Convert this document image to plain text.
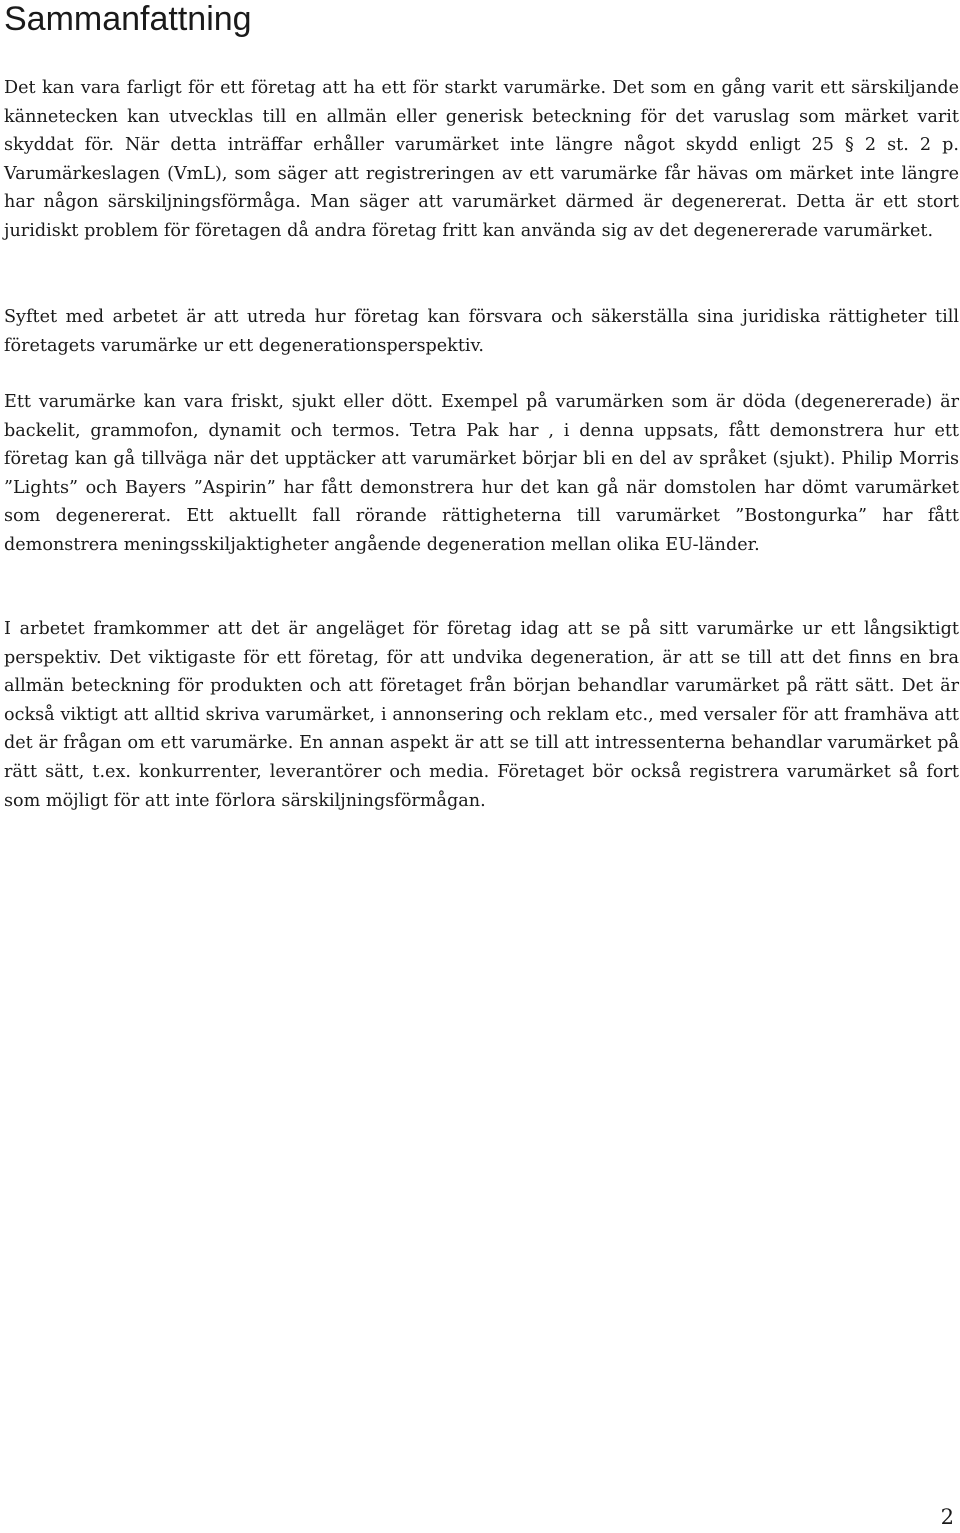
Sammanfattning

Det kan vara farligt för ett företag att ha ett för starkt varumärke. Det som en gång varit ett särskiljande kännetecken kan utvecklas till en allmän eller generisk beteckning för det varuslag som märket varit skyddat för. När detta inträffar erhåller varumärket inte längre något skydd enligt 25 § 2 st. 2 p. Varumärkeslagen (VmL), som säger att registreringen av ett varumärke får hävas om märket inte längre har någon särskiljningsförmåga. Man säger att varumärket därmed är degenererat. Detta är ett stort juridiskt problem för företagen då andra företag fritt kan använda sig av det degenererade varumärket.

Syftet med arbetet är att utreda hur företag kan försvara och säkerställa sina juridiska rättigheter till företagets varumärke ur ett degenerationsperspektiv.

Ett varumärke kan vara friskt, sjukt eller dött. Exempel på varumärken som är döda (degenererade) är backelit, grammofon, dynamit och termos. Tetra Pak har , i denna uppsats, fått demonstrera hur ett företag kan gå tillväga när det upptäcker att varumärket börjar bli en del av språket (sjukt). Philip Morris ”Lights” och Bayers ”Aspirin” har fått demonstrera hur det kan gå när domstolen har dömt varumärket som degenererat. Ett aktuellt fall rörande rättigheterna till varumärket ”Bostongurka” har fått demonstrera meningsskiljaktigheter angående degeneration mellan olika EU-länder.

I arbetet framkommer att det är angeläget för företag idag att se på sitt varumärke ur ett långsiktigt perspektiv. Det viktigaste för ett företag, för att undvika degeneration, är att se till att det finns en bra allmän beteckning för produkten och att företaget från början behandlar varumärket på rätt sätt. Det är också viktigt att alltid skriva varumärket, i annonsering och reklam etc., med versaler för att framhäva att det är frågan om ett varumärke. En annan aspekt är att se till att intressenterna behandlar varumärket på rätt sätt, t.ex. konkurrenter, leverantörer och media. Företaget bör också registrera varumärket så fort som möjligt för att inte förlora särskiljningsförmågan.

2
